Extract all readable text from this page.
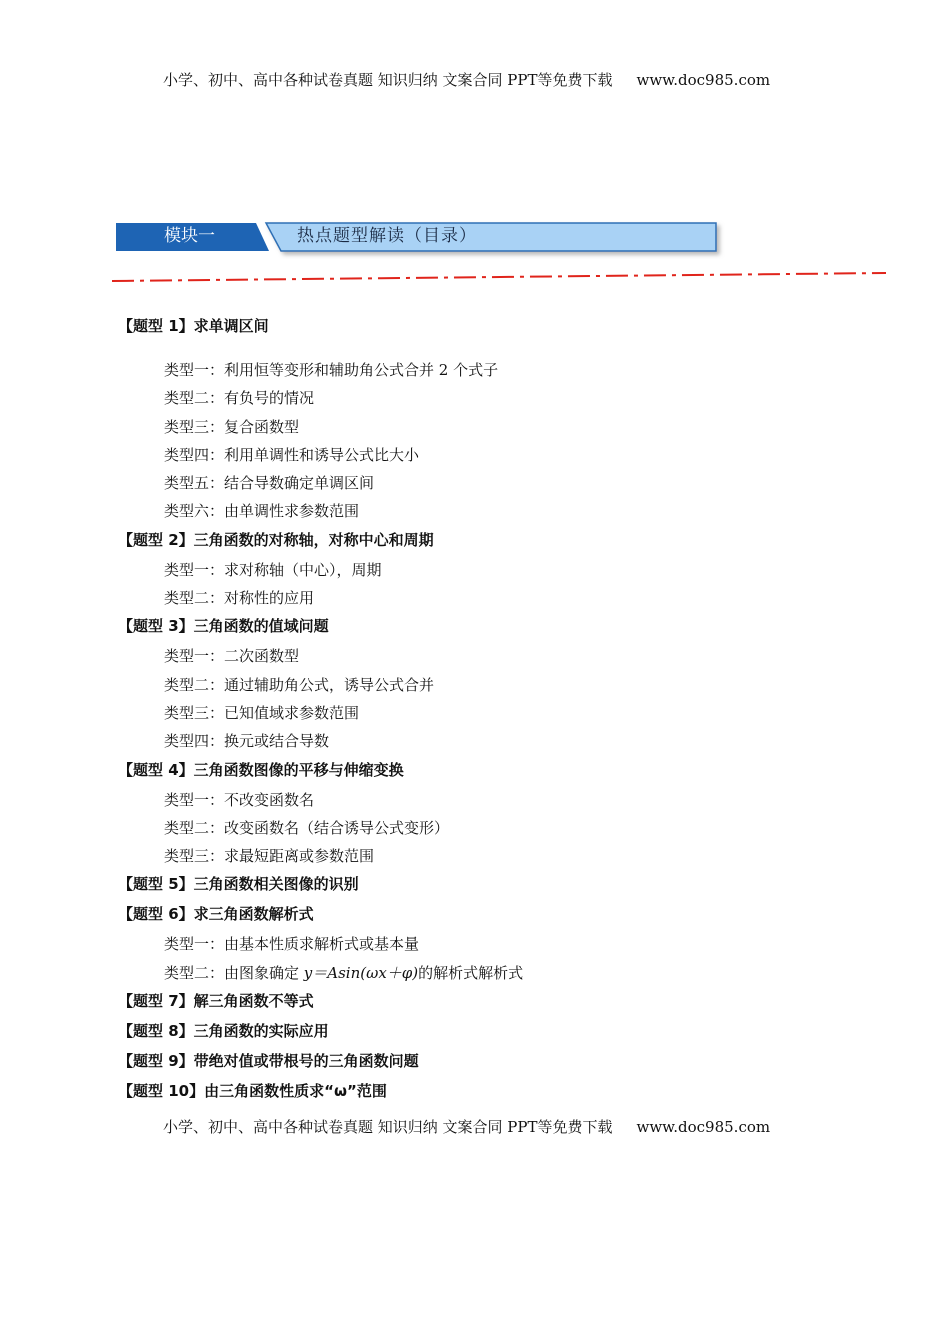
小学、初中、高中各种试卷真题 知识归纳 文案合同 PPT等免费下载 www.doc985.com
模块一	热点题型解读（目录）
【题型 1】求单调区间
类型一：利用恒等变形和辅助角公式合并 2 个式子
类型二：有负号的情况
类型三：复合函数型
类型四：利用单调性和诱导公式比大小
类型五：结合导数确定单调区间
类型六：由单调性求参数范围
【题型 2】三角函数的对称轴，对称中心和周期
类型一：求对称轴（中心），周期
类型二：对称性的应用
【题型 3】三角函数的值域问题
类型一：二次函数型
类型二：通过辅助角公式，诱导公式合并
类型三：已知值域求参数范围
类型四：换元或结合导数
【题型 4】三角函数图像的平移与伸缩变换
类型一：不改变函数名
类型二：改变函数名（结合诱导公式变形）
类型三：求最短距离或参数范围
【题型 5】三角函数相关图像的识别
【题型 6】求三角函数解析式
类型一：由基本性质求解析式或基本量
类型二：由图象确定 y＝Asin(ωx＋φ)的解析式解析式
【题型 7】解三角函数不等式
【题型 8】三角函数的实际应用
【题型 9】带绝对值或带根号的三角函数问题
【题型 10】由三角函数性质求“ω”范围
小学、初中、高中各种试卷真题 知识归纳 文案合同 PPT等免费下载 www.doc985.com
